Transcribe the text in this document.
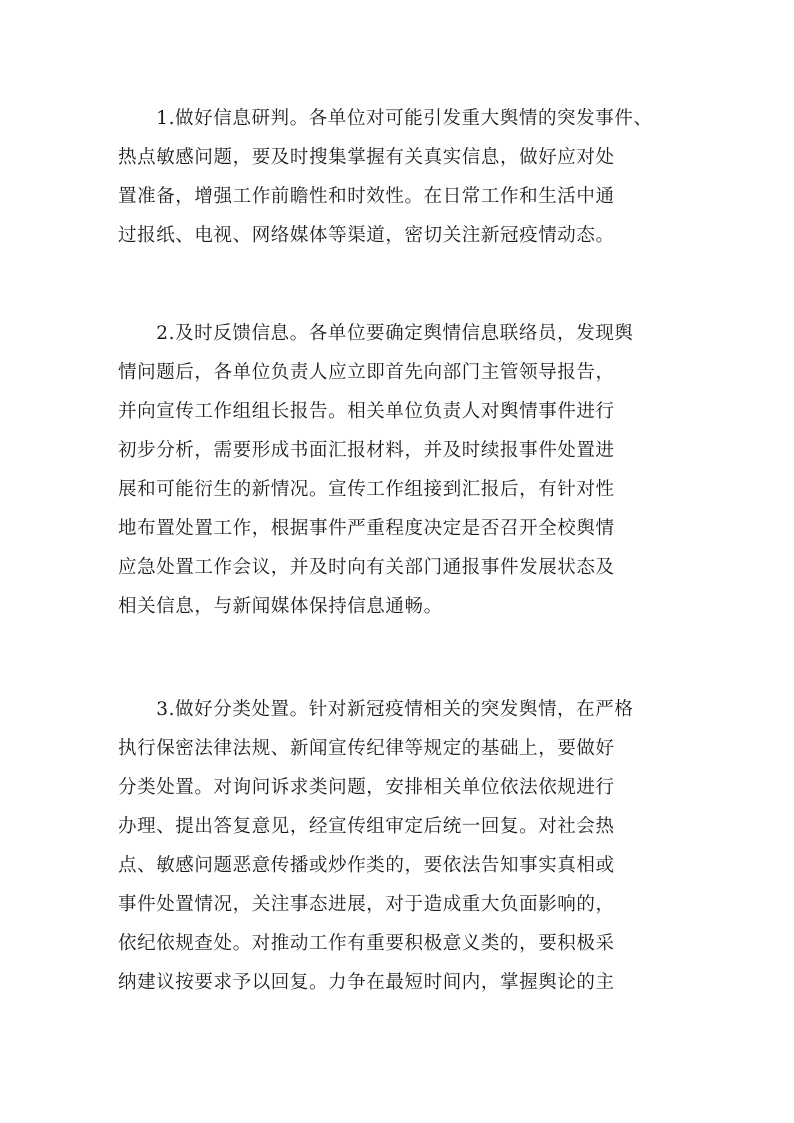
　　1.做好信息研判。各单位对可能引发重大舆情的突发事件、
热点敏感问题，要及时搜集掌握有关真实信息，做好应对处
置准备，增强工作前瞻性和时效性。在日常工作和生活中通
过报纸、电视、网络媒体等渠道，密切关注新冠疫情动态。
　　2.及时反馈信息。各单位要确定舆情信息联络员，发现舆
情问题后，各单位负责人应立即首先向部门主管领导报告，
并向宣传工作组组长报告。相关单位负责人对舆情事件进行
初步分析，需要形成书面汇报材料，并及时续报事件处置进
展和可能衍生的新情况。宣传工作组接到汇报后，有针对性
地布置处置工作，根据事件严重程度决定是否召开全校舆情
应急处置工作会议，并及时向有关部门通报事件发展状态及
相关信息，与新闻媒体保持信息通畅。
　　3.做好分类处置。针对新冠疫情相关的突发舆情，在严格
执行保密法律法规、新闻宣传纪律等规定的基础上，要做好
分类处置。对询问诉求类问题，安排相关单位依法依规进行
办理、提出答复意见，经宣传组审定后统一回复。对社会热
点、敏感问题恶意传播或炒作类的，要依法告知事实真相或
事件处置情况，关注事态进展，对于造成重大负面影响的，
依纪依规查处。对推动工作有重要积极意义类的，要积极采
纳建议按要求予以回复。力争在最短时间内，掌握舆论的主
